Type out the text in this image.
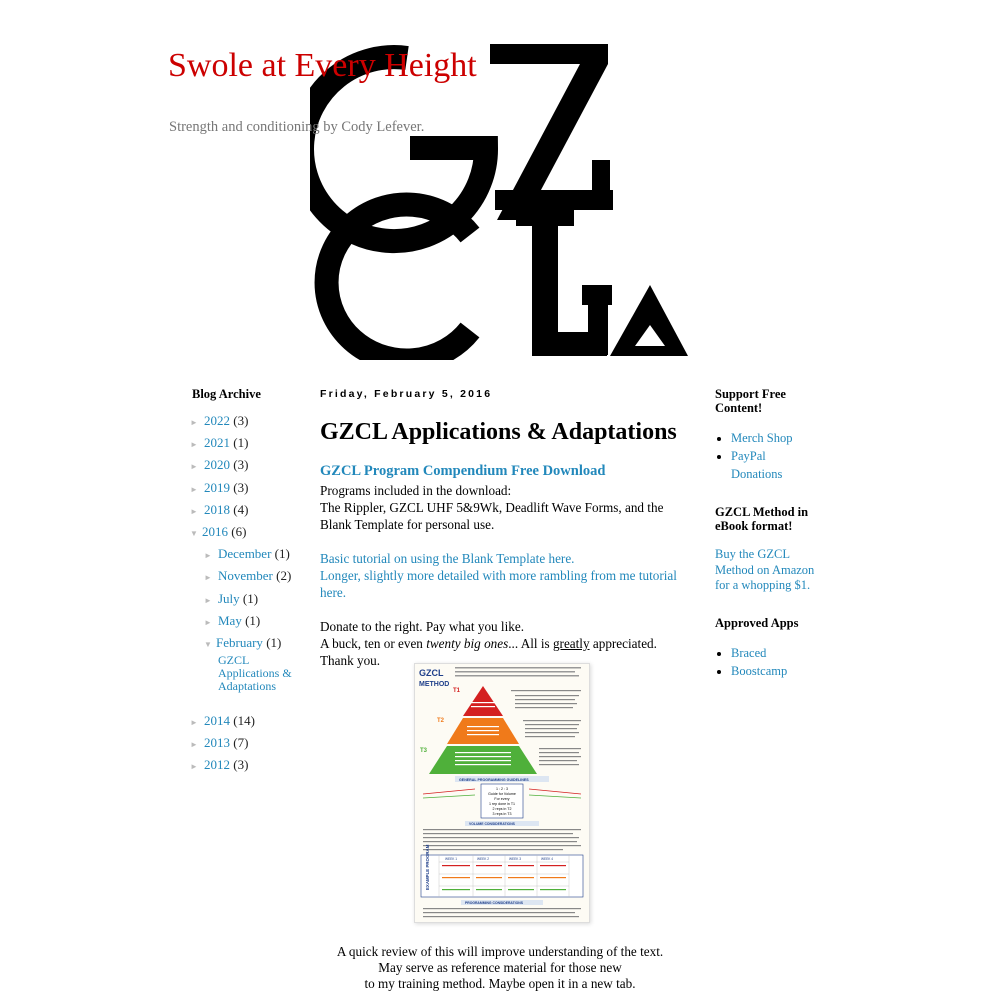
Swole at Every Height
Strength and conditioning by Cody Lefever.
Blog Archive
► 2022 (3)
► 2021 (1)
► 2020 (3)
► 2019 (3)
► 2018 (4)
▼ 2016 (6)
► December (1)
► November (2)
► July (1)
► May (1)
▼ February (1)
GZCL Applications & Adaptations
► 2014 (14)
► 2013 (7)
► 2012 (3)
Friday, February 5, 2016
GZCL Applications & Adaptations
GZCL Program Compendium Free Download
Programs included in the download:
The Rippler, GZCL UHF 5&9Wk, Deadlift Wave Forms, and the Blank Template for personal use.
Basic tutorial on using the Blank Template here.
Longer, slightly more detailed with more rambling from me tutorial here.
Donate to the right. Pay what you like.
A buck, ten or even twenty big ones... All is greatly appreciated. Thank you.
GZCL
METHOD
T1
T2
T3
GENERAL PROGRAMMING GUIDELINES
1 : 2 : 3
Guide for Volume
For every
1 rep done in T1
2 reps in T2
3 reps in T3
VOLUME CONSIDERATIONS
EXAMPLE PROGRAM	WEEK 1	WEEK 2	WEEK 3	WEEK 4
PROGRAMMING CONSIDERATIONS
A quick review of this will improve understanding of the text.
May serve as reference material for those new
to my training method. Maybe open it in a new tab.
Support Free Content!
• Merch Shop
• PayPal Donations
GZCL Method in eBook format!
Buy the GZCL Method on Amazon for a whopping $1.
Approved Apps
• Braced
• Boostcamp
